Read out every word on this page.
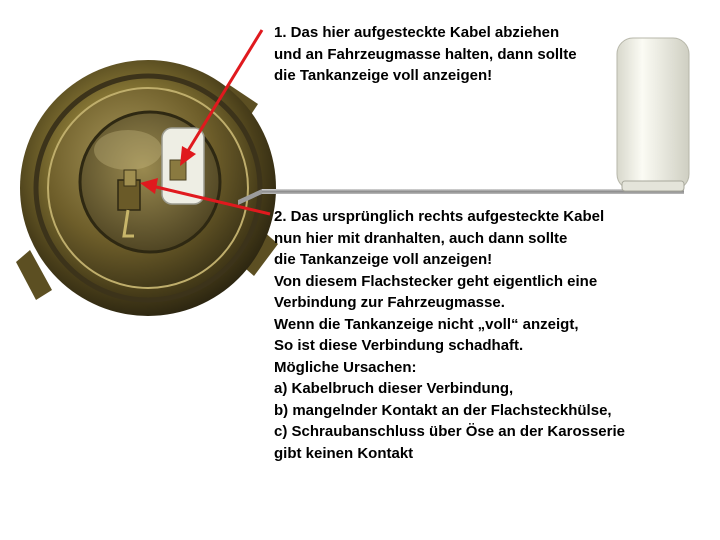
1. Das hier aufgesteckte Kabel abziehen
und an Fahrzeugmasse halten, dann sollte
die Tankanzeige voll anzeigen!
2. Das ursprünglich rechts aufgesteckte Kabel
nun hier mit dranhalten, auch dann sollte
die Tankanzeige voll anzeigen!
Von diesem Flachstecker geht eigentlich eine
Verbindung zur Fahrzeugmasse.
Wenn die Tankanzeige nicht „voll“ anzeigt,
So ist diese Verbindung schadhaft.
Mögliche Ursachen:
a) Kabelbruch dieser Verbindung,
b) mangelnder Kontakt an der Flachsteckhülse,
c) Schraubanschluss über Öse an der Karosserie
gibt keinen Kontakt
